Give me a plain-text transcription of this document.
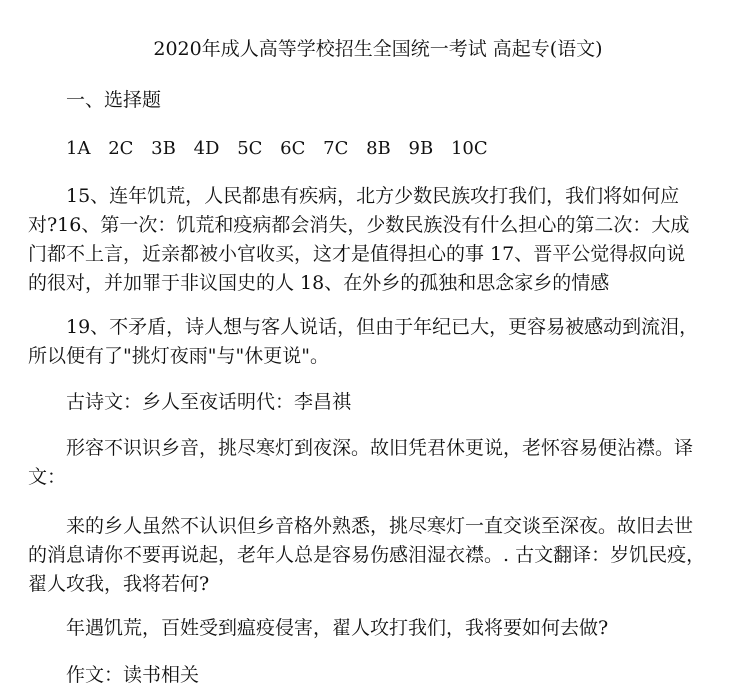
2020年成人高等学校招生全国统一考试 高起专(语文)
一、选择题
1A 2C 3B 4D 5C 6C 7C 8B 9B 10C
15、连年饥荒，人民都患有疾病，北方少数民族攻打我们，我们将如何应
对?16、第一次：饥荒和疫病都会消失，少数民族没有什么担心的第二次：大成
门都不上言，近亲都被小官收买，这才是值得担心的事 17、晋平公觉得叔向说
的很对，并加罪于非议国史的人 18、在外乡的孤独和思念家乡的情感
19、不矛盾，诗人想与客人说话，但由于年纪已大，更容易被感动到流泪，
所以便有了"挑灯夜雨"与"休更说"。
古诗文：乡人至夜话明代：李昌祺
形容不识识乡音，挑尽寒灯到夜深。故旧凭君休更说，老怀容易便沾襟。译
文：
来的乡人虽然不认识但乡音格外熟悉，挑尽寒灯一直交谈至深夜。故旧去世
的消息请你不要再说起，老年人总是容易伤感泪湿衣襟。. 古文翻译：岁饥民疫，
翟人攻我，我将若何?
年遇饥荒，百姓受到瘟疫侵害，翟人攻打我们，我将要如何去做?
作文：读书相关
